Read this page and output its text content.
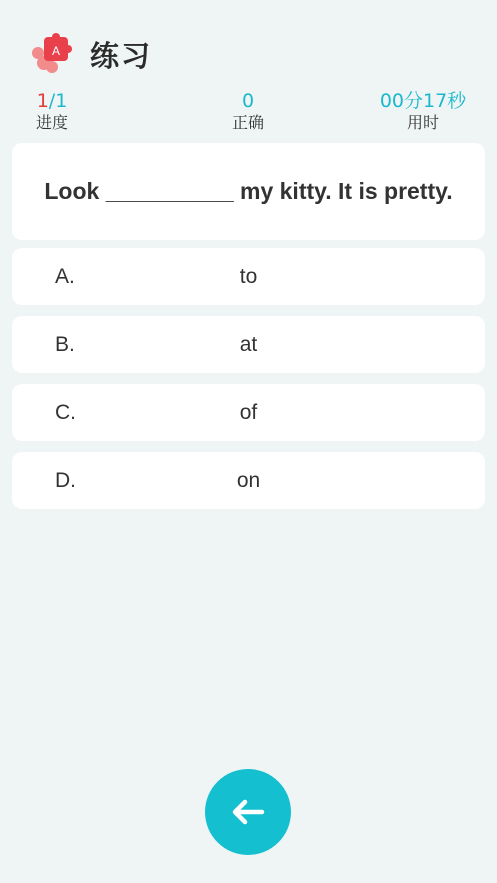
A 练习
1/1
进度
0
正确
00分17秒
用时
Look __________ my kitty. It is pretty.
A.	to
B.	at
C.	of
D.	on
